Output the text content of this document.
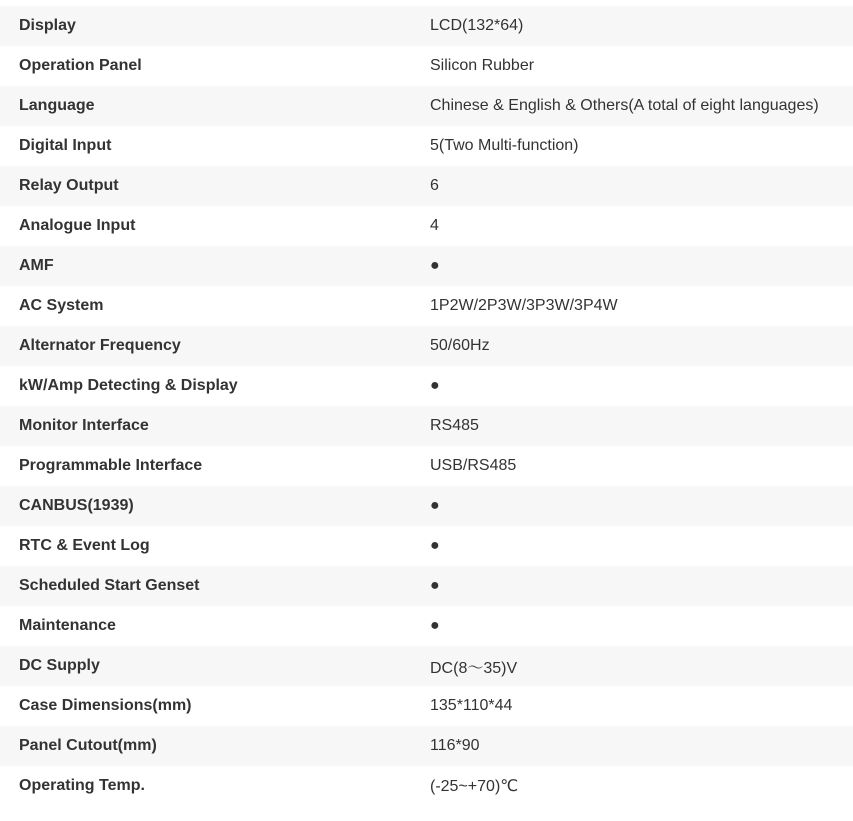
Display	LCD(132*64)
Operation Panel	Silicon Rubber
Language	Chinese & English & Others(A total of eight languages)
Digital Input	5(Two Multi-function)
Relay Output	6
Analogue Input	4
AMF	●
AC System	1P2W/2P3W/3P3W/3P4W
Alternator Frequency	50/60Hz
kW/Amp Detecting & Display	●
Monitor Interface	RS485
Programmable Interface	USB/RS485
CANBUS(1939)	●
RTC & Event Log	●
Scheduled Start Genset	●
Maintenance	●
DC Supply	DC(8～35)V
Case Dimensions(mm)	135*110*44
Panel Cutout(mm)	116*90
Operating Temp.	(-25~+70)℃
